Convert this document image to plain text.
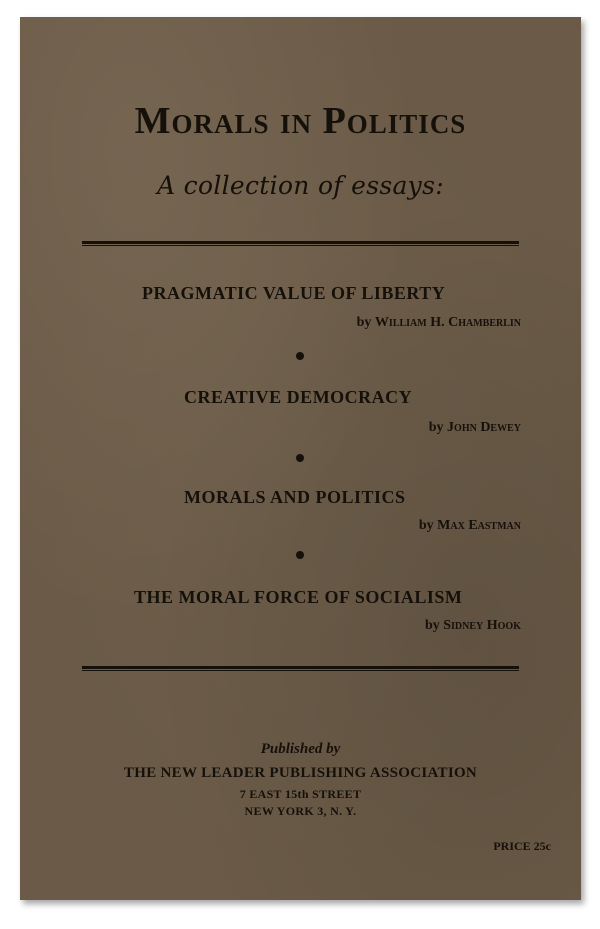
Morals in Politics
A collection of essays:
PRAGMATIC VALUE OF LIBERTY
by William H. Chamberlin
CREATIVE DEMOCRACY
by John Dewey
MORALS AND POLITICS
by Max Eastman
THE MORAL FORCE OF SOCIALISM
by Sidney Hook
Published by
THE NEW LEADER PUBLISHING ASSOCIATION
7 EAST 15th STREET
NEW YORK 3, N. Y.
PRICE 25c
